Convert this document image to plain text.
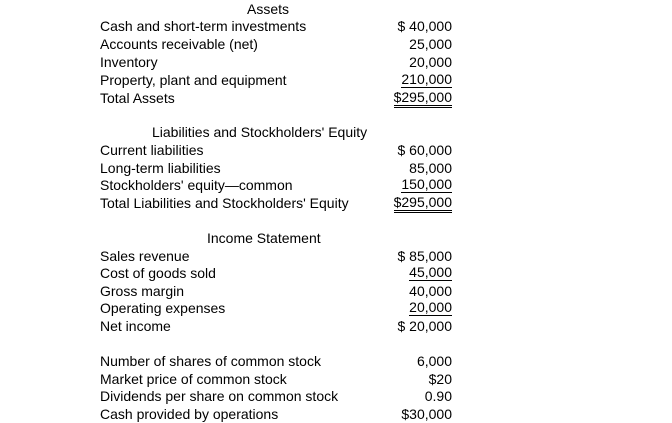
Assets
Cash and short-term investments	$ 40,000
Accounts receivable (net)	25,000
Inventory	20,000
Property, plant and equipment	210,000
Total Assets	$295,000
Liabilities and Stockholders' Equity
Current liabilities	$ 60,000
Long-term liabilities	85,000
Stockholders' equity—common	150,000
Total Liabilities and Stockholders' Equity	$295,000
Income Statement
Sales revenue	$ 85,000
Cost of goods sold	45,000
Gross margin	40,000
Operating expenses	20,000
Net income	$ 20,000
Number of shares of common stock	6,000
Market price of common stock	$20
Dividends per share on common stock	0.90
Cash provided by operations	$30,000
